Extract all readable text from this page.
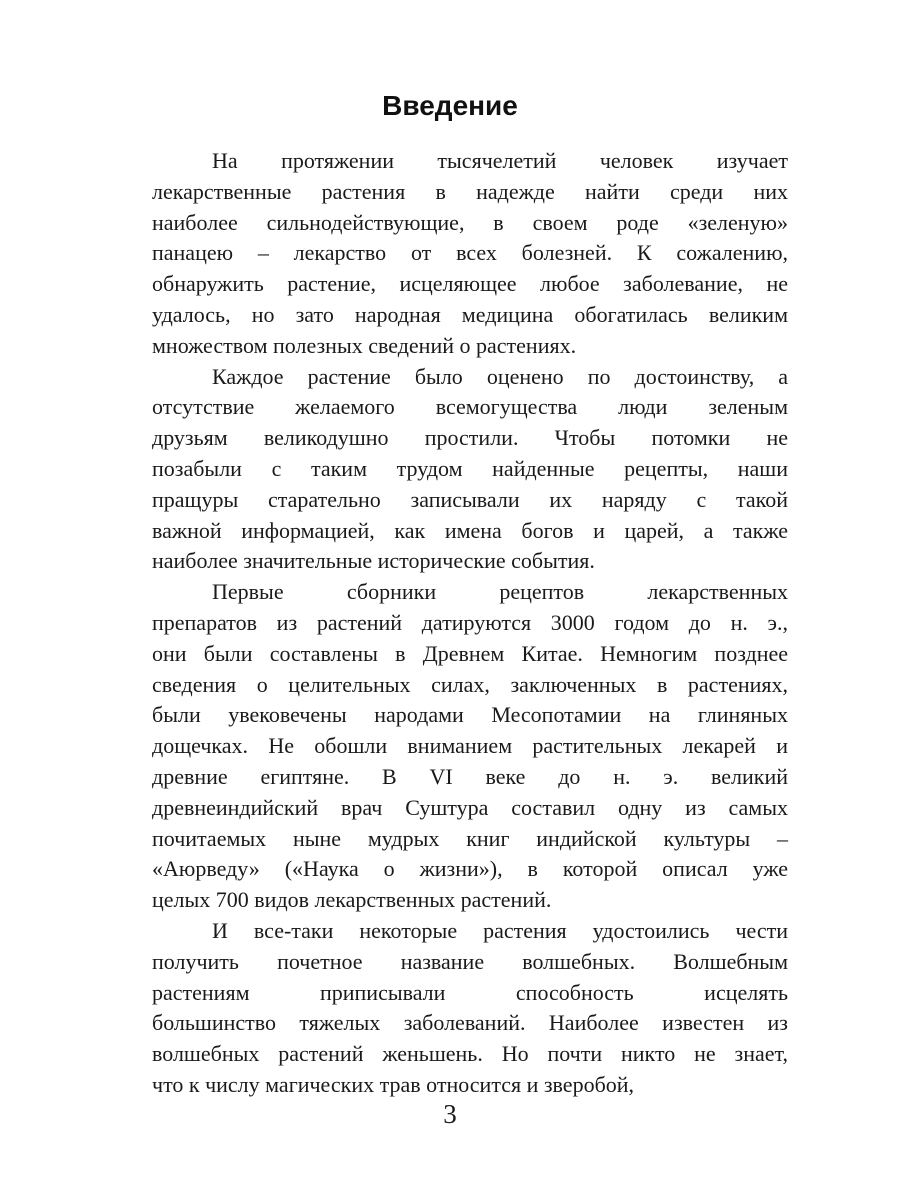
Введение
На протяжении тысячелетий человек изучает
лекарственные растения в надежде найти среди них
наиболее сильнодействующие, в своем роде «зеленую»
панацею – лекарство от всех болезней. К сожалению,
обнаружить растение, исцеляющее любое заболевание, не
удалось, но зато народная медицина обогатилась великим
множеством полезных сведений о растениях.
Каждое растение было оценено по достоинству, а
отсутствие желаемого всемогущества люди зеленым
друзьям великодушно простили. Чтобы потомки не
позабыли с таким трудом найденные рецепты, наши
пращуры старательно записывали их наряду с такой
важной информацией, как имена богов и царей, а также
наиболее значительные исторические события.
Первые сборники рецептов лекарственных
препаратов из растений датируются 3000 годом до н. э.,
они были составлены в Древнем Китае. Немногим позднее
сведения о целительных силах, заключенных в растениях,
были увековечены народами Месопотамии на глиняных
дощечках. Не обошли вниманием растительных лекарей и
древние египтяне. В VI веке до н. э. великий
древнеиндийский врач Суштура составил одну из самых
почитаемых ныне мудрых книг индийской культуры –
«Аюрведу» («Наука о жизни»), в которой описал уже
целых 700 видов лекарственных растений.
И все-таки некоторые растения удостоились чести
получить почетное название волшебных. Волшебным
растениям приписывали способность исцелять
большинство тяжелых заболеваний. Наиболее известен из
волшебных растений женьшень. Но почти никто не знает,
что к числу магических трав относится и зверобой,
3
